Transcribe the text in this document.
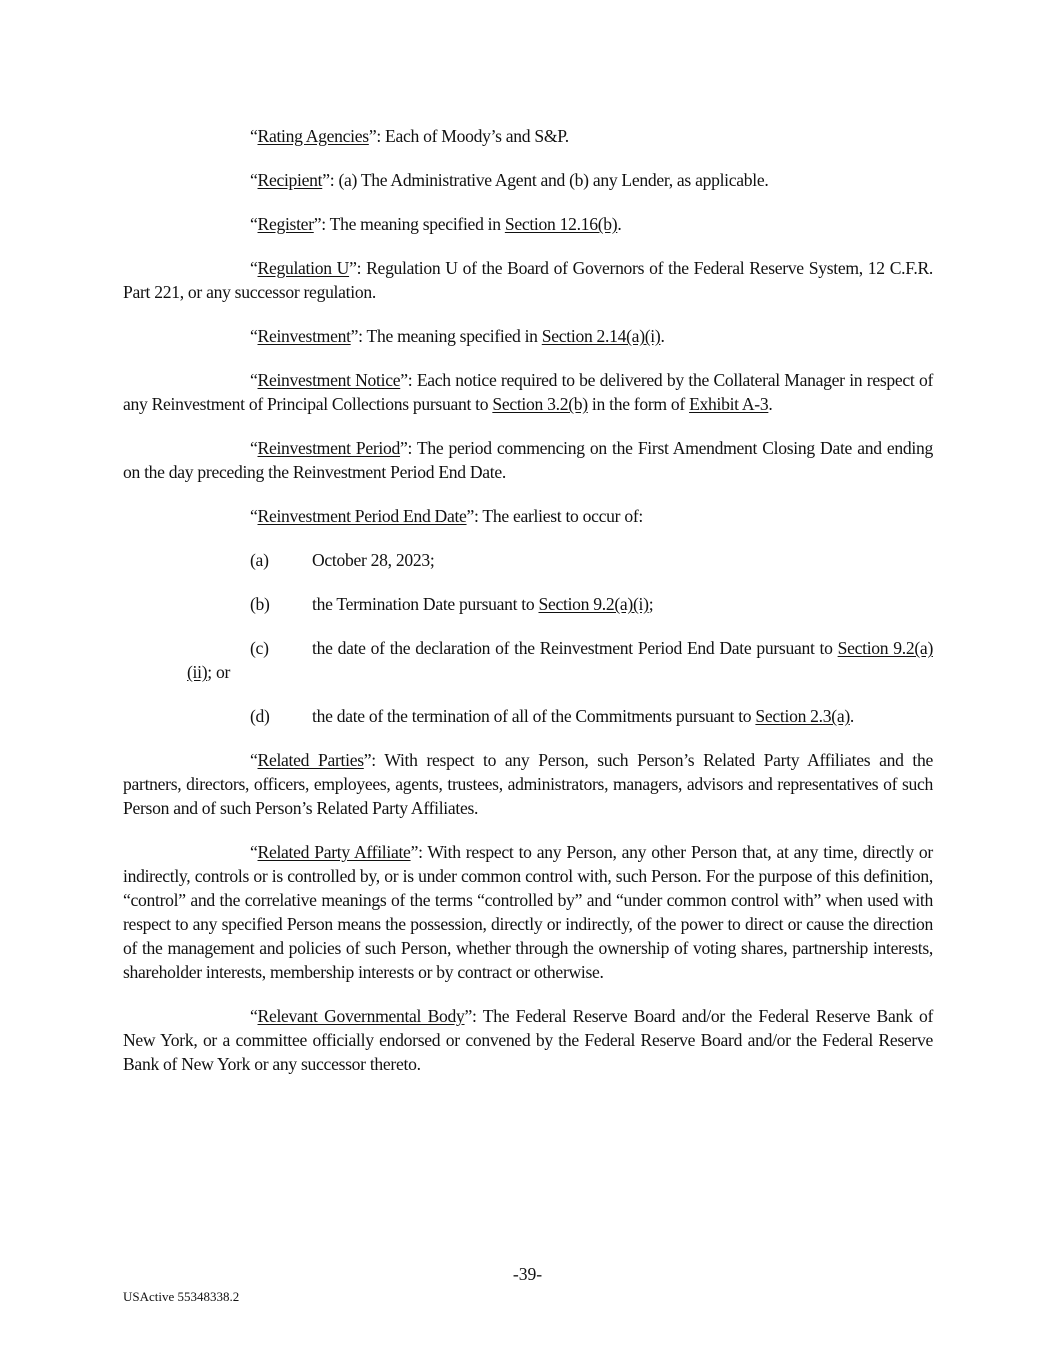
“Rating Agencies”: Each of Moody’s and S&P.

“Recipient”: (a) The Administrative Agent and (b) any Lender, as applicable.

“Register”: The meaning specified in Section 12.16(b).

“Regulation U”: Regulation U of the Board of Governors of the Federal Reserve System, 12 C.F.R. Part 221, or any successor regulation.

“Reinvestment”: The meaning specified in Section 2.14(a)(i).

“Reinvestment Notice”: Each notice required to be delivered by the Collateral Manager in respect of any Reinvestment of Principal Collections pursuant to Section 3.2(b) in the form of Exhibit A-3.

“Reinvestment Period”: The period commencing on the First Amendment Closing Date and ending on the day preceding the Reinvestment Period End Date.

“Reinvestment Period End Date”: The earliest to occur of:

(a) October 28, 2023;

(b) the Termination Date pursuant to Section 9.2(a)(i);

(c) the date of the declaration of the Reinvestment Period End Date pursuant to Section 9.2(a)(ii); or

(d) the date of the termination of all of the Commitments pursuant to Section 2.3(a).

“Related Parties”: With respect to any Person, such Person’s Related Party Affiliates and the partners, directors, officers, employees, agents, trustees, administrators, managers, advisors and representatives of such Person and of such Person’s Related Party Affiliates.

“Related Party Affiliate”: With respect to any Person, any other Person that, at any time, directly or indirectly, controls or is controlled by, or is under common control with, such Person. For the purpose of this definition, “control” and the correlative meanings of the terms “controlled by” and “under common control with” when used with respect to any specified Person means the possession, directly or indirectly, of the power to direct or cause the direction of the management and policies of such Person, whether through the ownership of voting shares, partnership interests, shareholder interests, membership interests or by contract or otherwise.

“Relevant Governmental Body”: The Federal Reserve Board and/or the Federal Reserve Bank of New York, or a committee officially endorsed or convened by the Federal Reserve Board and/or the Federal Reserve Bank of New York or any successor thereto.

-39-
USActive 55348338.2
